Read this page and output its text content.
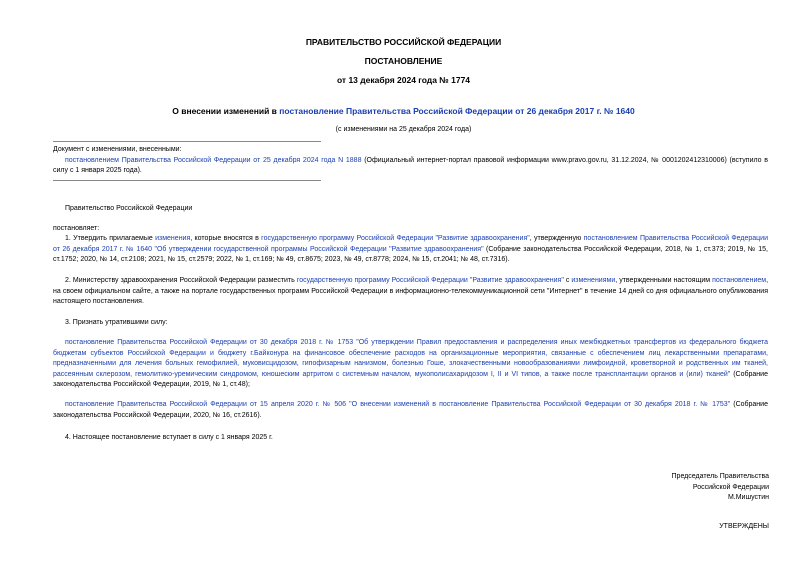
ПРАВИТЕЛЬСТВО РОССИЙСКОЙ ФЕДЕРАЦИИ
ПОСТАНОВЛЕНИЕ
от 13 декабря 2024 года № 1774
О внесении изменений в постановление Правительства Российской Федерации от 26 декабря 2017 г. № 1640
(с изменениями на 25 декабря 2024 года)
Документ с изменениями, внесенными:
постановлением Правительства Российской Федерации от 25 декабря 2024 года N 1888 (Официальный интернет-портал правовой информации www.pravo.gov.ru, 31.12.2024, № 0001202412310006) (вступило в силу с 1 января 2025 года).
Правительство Российской Федерации
постановляет:
1. Утвердить прилагаемые изменения, которые вносятся в государственную программу Российской Федерации "Развитие здравоохранения", утвержденную постановлением Правительства Российской Федерации от 26 декабря 2017 г. № 1640 "Об утверждении государственной программы Российской Федерации "Развитие здравоохранения" (Собрание законодательства Российской Федерации, 2018, № 1, ст.373; 2019, № 15, ст.1752; 2020, № 14, ст.2108; 2021, № 15, ст.2579; 2022, № 1, ст.169; № 49, ст.8675; 2023, № 49, ст.8778; 2024, № 15, ст.2041; № 48, ст.7316).
2. Министерству здравоохранения Российской Федерации разместить государственную программу Российской Федерации "Развитие здравоохранения" с изменениями, утвержденными настоящим постановлением, на своем официальном сайте, а также на портале государственных программ Российской Федерации в информационно-телекоммуникационной сети "Интернет" в течение 14 дней со дня официального опубликования настоящего постановления.
3. Признать утратившими силу:
постановление Правительства Российской Федерации от 30 декабря 2018 г. № 1753 "Об утверждении Правил предоставления и распределения иных межбюджетных трансфертов из федерального бюджета бюджетам субъектов Российской Федерации и бюджету г.Байконура на финансовое обеспечение расходов на организационные мероприятия, связанные с обеспечением лиц лекарственными препаратами, предназначенными для лечения больных гемофилией, муковисцидозом, гипофизарным нанизмом, болезнью Гоше, злокачественными новообразованиями лимфоидной, кроветворной и родственных им тканей, рассеянным склерозом, гемолитико-уремическим синдромом, юношеским артритом с системным началом, мукополисахаридозом I, II и VI типов, а также после трансплантации органов и (или) тканей" (Собрание законодательства Российской Федерации, 2019, № 1, ст.48);
постановление Правительства Российской Федерации от 15 апреля 2020 г. № 506 "О внесении изменений в постановление Правительства Российской Федерации от 30 декабря 2018 г. № 1753" (Собрание законодательства Российской Федерации, 2020, № 16, ст.2616).
4. Настоящее постановление вступает в силу с 1 января 2025 г.
Председатель Правительства
Российской Федерации
М.Мишустин
УТВЕРЖДЕНЫ
